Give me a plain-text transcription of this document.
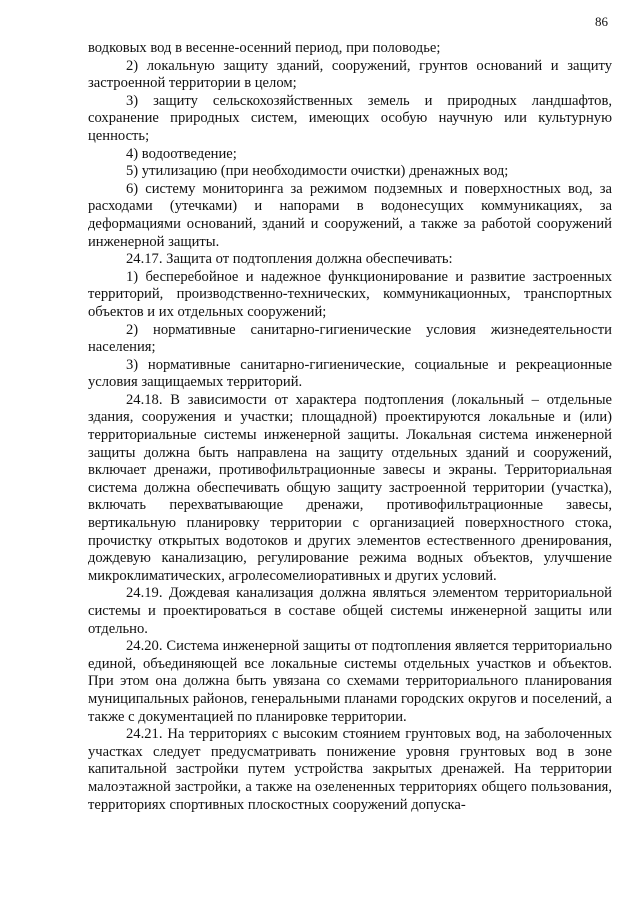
86

водковых вод в весенне-осенний период, при половодье;

2) локальную защиту зданий, сооружений, грунтов оснований и защиту застроенной территории в целом;

3) защиту сельскохозяйственных земель и природных ландшафтов, сохранение природных систем, имеющих особую научную или культурную ценность;

4) водоотведение;

5) утилизацию (при необходимости очистки) дренажных вод;

6) систему мониторинга за режимом подземных и поверхностных вод, за расходами (утечками) и напорами в водонесущих коммуникациях, за деформациями оснований, зданий и сооружений, а также за работой сооружений инженерной защиты.

24.17. Защита от подтопления должна обеспечивать:

1) бесперебойное и надежное функционирование и развитие застроенных территорий, производственно-технических, коммуникационных, транспортных объектов и их отдельных сооружений;

2) нормативные санитарно-гигиенические условия жизнедеятельности населения;

3) нормативные санитарно-гигиенические, социальные и рекреационные условия защищаемых территорий.

24.18. В зависимости от характера подтопления (локальный – отдельные здания, сооружения и участки; площадной) проектируются локальные и (или) территориальные системы инженерной защиты. Локальная система инженерной защиты должна быть направлена на защиту отдельных зданий и сооружений, включает дренажи, противофильтрационные завесы и экраны. Территориальная система должна обеспечивать общую защиту застроенной территории (участка), включать перехватывающие дренажи, противофильтрационные завесы, вертикальную планировку территории с организацией поверхностного стока, прочистку открытых водотоков и других элементов естественного дренирования, дождевую канализацию, регулирование режима водных объектов, улучшение микроклиматических, агролесомелиоративных и других условий.

24.19. Дождевая канализация должна являться элементом территориальной системы и проектироваться в составе общей системы инженерной защиты или отдельно.

24.20. Система инженерной защиты от подтопления является территориально единой, объединяющей все локальные системы отдельных участков и объектов. При этом она должна быть увязана со схемами территориального планирования муниципальных районов, генеральными планами городских округов и поселений, а также с документацией по планировке территории.

24.21. На территориях с высоким стоянием грунтовых вод, на заболоченных участках следует предусматривать понижение уровня грунтовых вод в зоне капитальной застройки путем устройства закрытых дренажей. На территории малоэтажной застройки, а также на озелененных территориях общего пользования, территориях спортивных плоскостных сооружений допуска-
